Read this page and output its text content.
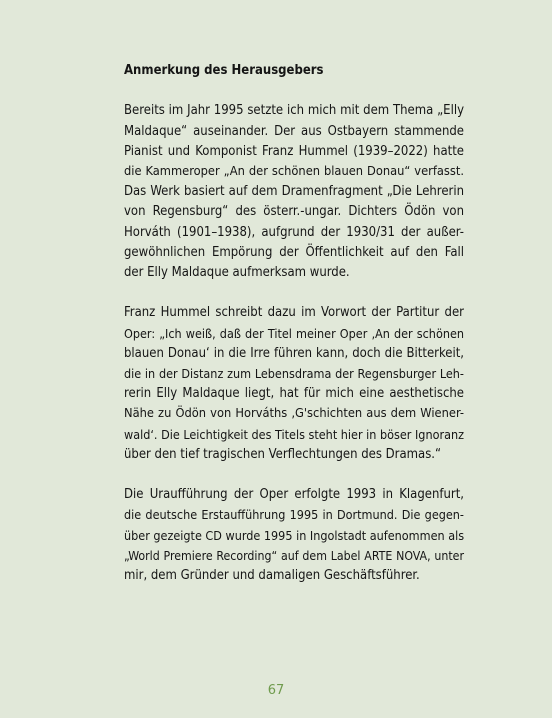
Anmerkung des Herausgebers
Bereits im Jahr 1995 setzte ich mich mit dem Thema „Elly
Maldaque“ auseinander. Der aus Ostbayern stammende
Pianist und Komponist Franz Hummel (1939–2022) hatte
die Kammeroper „An der schönen blauen Donau“ verfasst.
Das Werk basiert auf dem Dramenfragment „Die Lehrerin
von Regensburg“ des österr.-ungar. Dichters Ödön von
Horváth (1901–1938), aufgrund der 1930/31 der außer-
gewöhnlichen Empörung der Öffentlichkeit auf den Fall
der Elly Maldaque aufmerksam wurde.
Franz Hummel schreibt dazu im Vorwort der Partitur der
Oper: „Ich weiß, daß der Titel meiner Oper ‚An der schönen
blauen Donau‘ in die Irre führen kann, doch die Bitterkeit,
die in der Distanz zum Lebensdrama der Regensburger Leh-
rerin Elly Maldaque liegt, hat für mich eine aesthetische
Nähe zu Ödön von Horváths ‚G'schichten aus dem Wiener-
wald‘. Die Leichtigkeit des Titels steht hier in böser Ignoranz
über den tief tragischen Verflechtungen des Dramas.“
Die Uraufführung der Oper erfolgte 1993 in Klagenfurt,
die deutsche Erstaufführung 1995 in Dortmund. Die gegen-
über gezeigte CD wurde 1995 in Ingolstadt aufenommen als
„World Premiere Recording“ auf dem Label ARTE NOVA, unter
mir, dem Gründer und damaligen Geschäftsführer.
67
